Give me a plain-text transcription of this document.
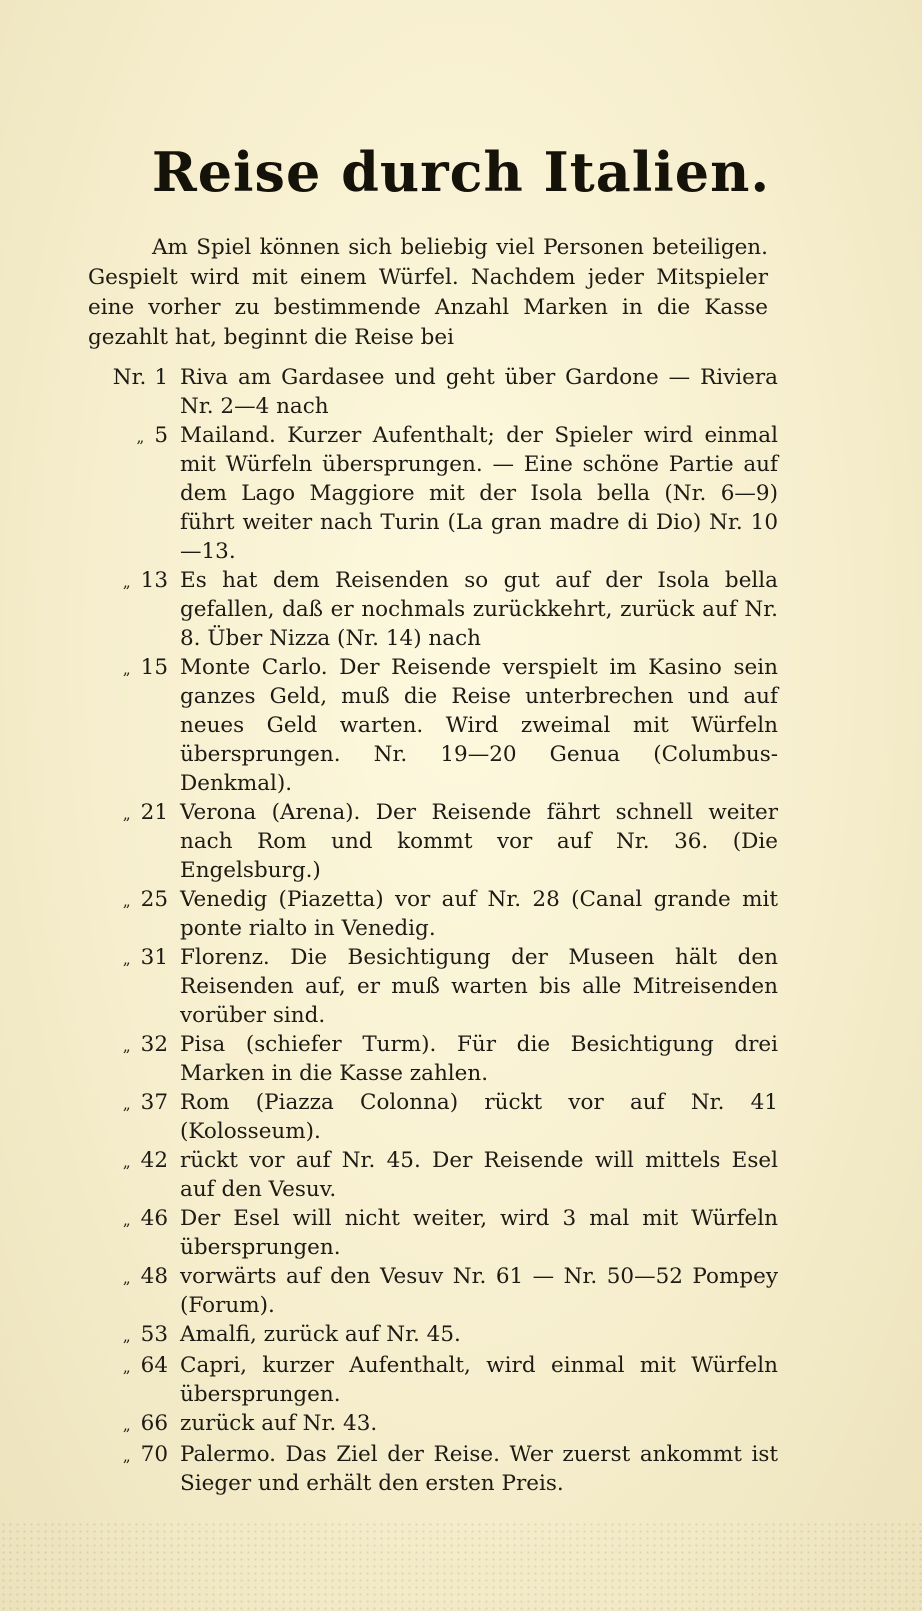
Reise durch Italien.

Am Spiel können sich beliebig viel Personen beteiligen. Gespielt wird mit einem Würfel. Nachdem jeder Mitspieler eine vorher zu bestimmende Anzahl Marken in die Kasse gezahlt hat, beginnt die Reise bei

Nr. 1 Riva am Gardasee und geht über Gardone — Riviera Nr. 2—4 nach
„ 5 Mailand. Kurzer Aufenthalt; der Spieler wird einmal mit Würfeln übersprungen. — Eine schöne Partie auf dem Lago Maggiore mit der Isola bella (Nr. 6—9) führt weiter nach Turin (La gran madre di Dio) Nr. 10—13.
„ 13 Es hat dem Reisenden so gut auf der Isola bella gefallen, daß er nochmals zurückkehrt, zurück auf Nr. 8. Über Nizza (Nr. 14) nach
„ 15 Monte Carlo. Der Reisende verspielt im Kasino sein ganzes Geld, muß die Reise unterbrechen und auf neues Geld warten. Wird zweimal mit Würfeln übersprungen. Nr. 19—20 Genua (Columbus-Denkmal).
„ 21 Verona (Arena). Der Reisende fährt schnell weiter nach Rom und kommt vor auf Nr. 36. (Die Engelsburg.)
„ 25 Venedig (Piazetta) vor auf Nr. 28 (Canal grande mit ponte rialto in Venedig.
„ 31 Florenz. Die Besichtigung der Museen hält den Reisenden auf, er muß warten bis alle Mitreisenden vorüber sind.
„ 32 Pisa (schiefer Turm). Für die Besichtigung drei Marken in die Kasse zahlen.
„ 37 Rom (Piazza Colonna) rückt vor auf Nr. 41 (Kolosseum).
„ 42 rückt vor auf Nr. 45. Der Reisende will mittels Esel auf den Vesuv.
„ 46 Der Esel will nicht weiter, wird 3 mal mit Würfeln übersprungen.
„ 48 vorwärts auf den Vesuv Nr. 61 — Nr. 50—52 Pompey (Forum).
„ 53 Amalfi, zurück auf Nr. 45.
„ 64 Capri, kurzer Aufenthalt, wird einmal mit Würfeln übersprungen.
„ 66 zurück auf Nr. 43.
„ 70 Palermo. Das Ziel der Reise. Wer zuerst ankommt ist Sieger und erhält den ersten Preis.
